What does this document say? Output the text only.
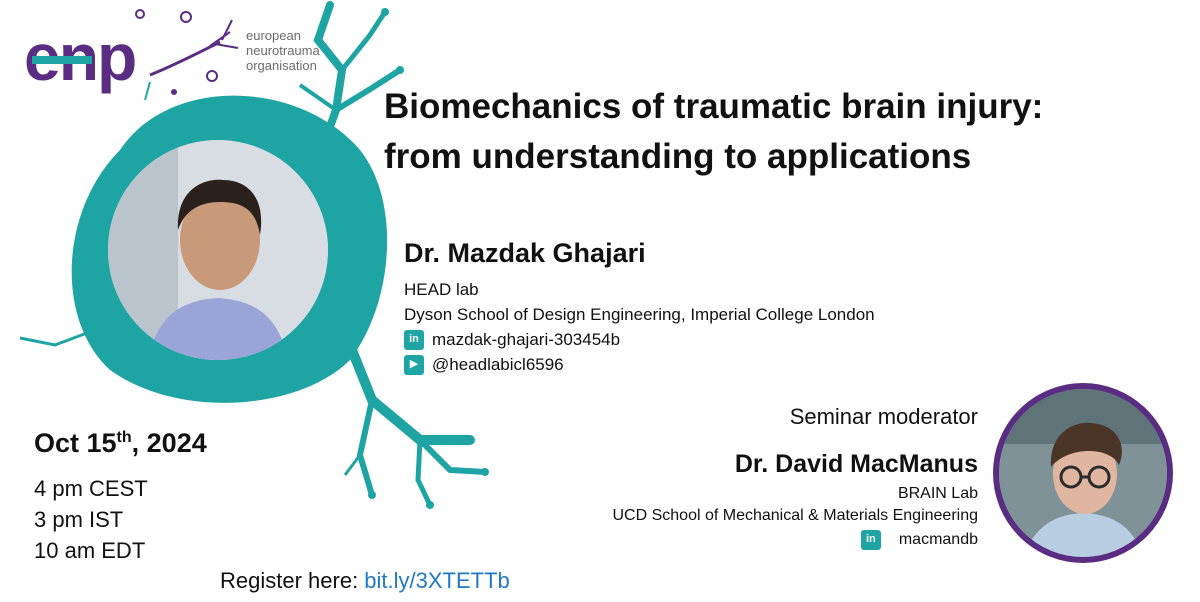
enp	european
neurotrauma
organisation
Biomechanics of traumatic brain injury:
from understanding to applications
Dr. Mazdak Ghajari
HEAD lab
Dyson School of Design Engineering, Imperial College London
in mazdak-ghajari-303454b
▶ @headlabicl6596
Seminar moderator
Dr. David MacManus
BRAIN Lab
UCD School of Mechanical & Materials Engineering
in	macmandb
Oct 15th, 2024
4 pm CEST
3 pm IST
10 am EDT
Register here: bit.ly/3XTETTb
